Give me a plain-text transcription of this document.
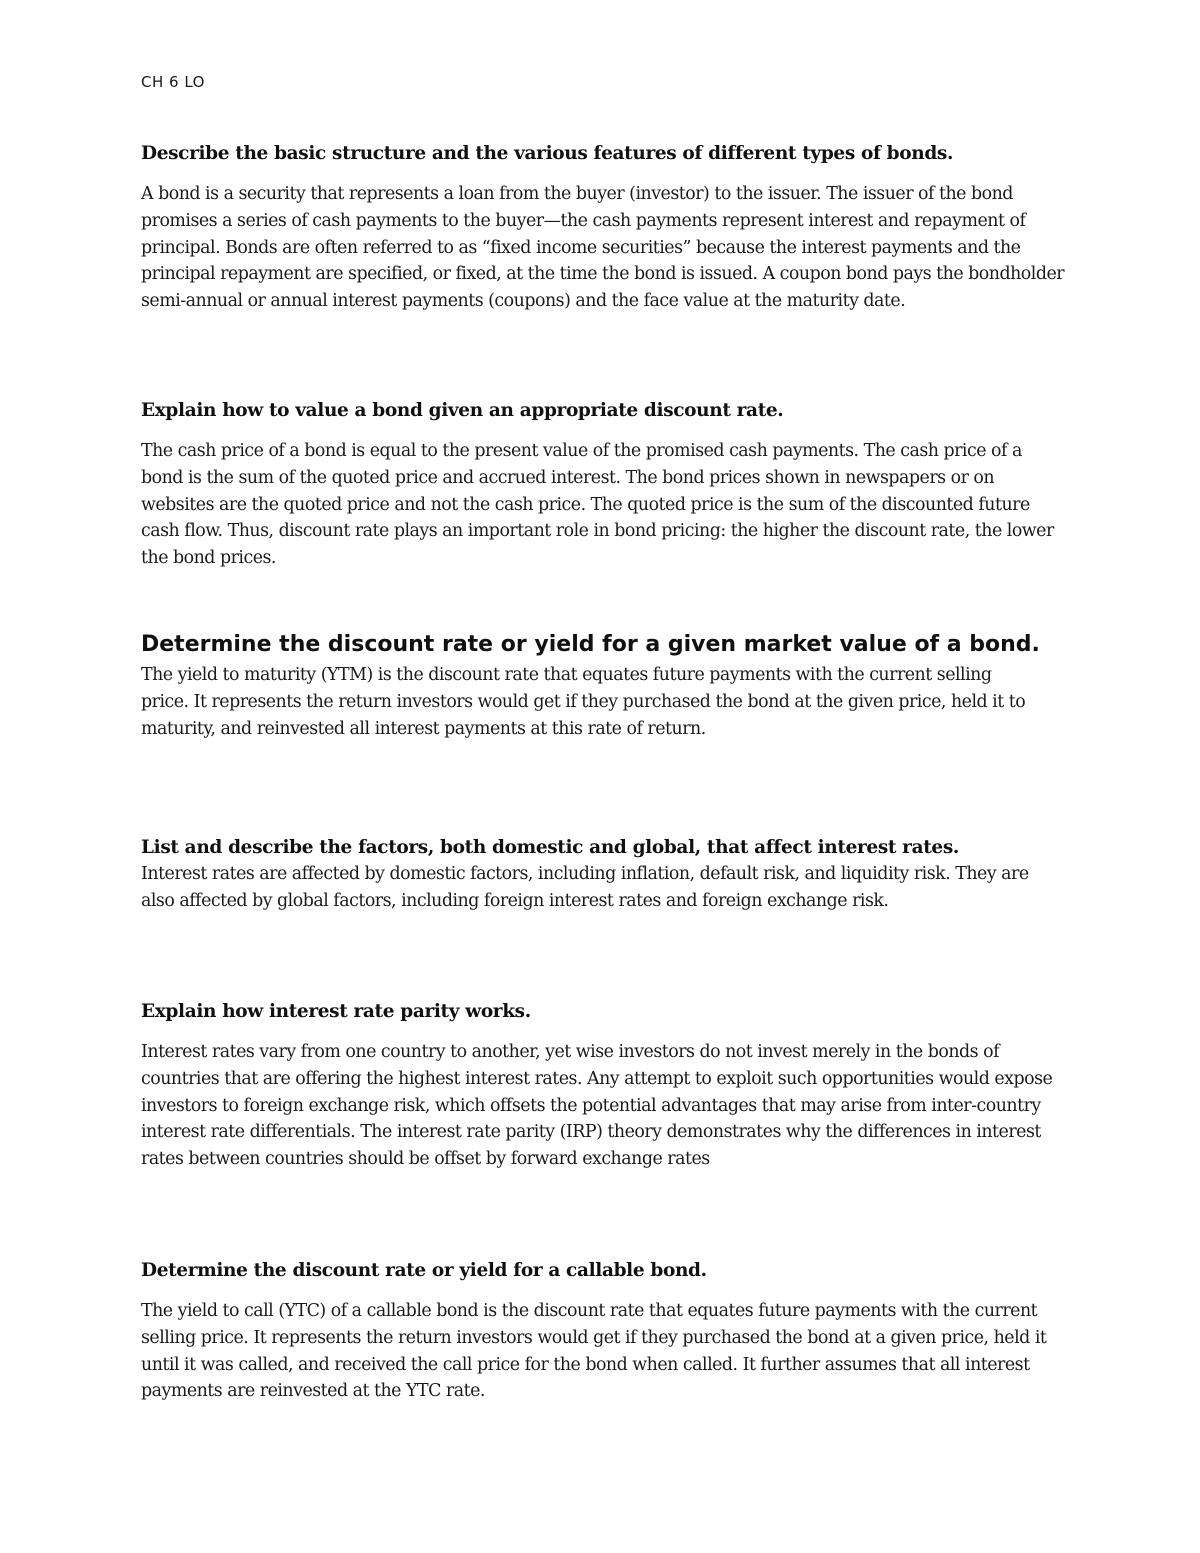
CH 6 LO

Describe the basic structure and the various features of different types of bonds.

A bond is a security that represents a loan from the buyer (investor) to the issuer. The issuer of the bond promises a series of cash payments to the buyer—the cash payments represent interest and repayment of principal. Bonds are often referred to as “fixed income securities” because the interest payments and the principal repayment are specified, or fixed, at the time the bond is issued. A coupon bond pays the bondholder semi-annual or annual interest payments (coupons) and the face value at the maturity date.

Explain how to value a bond given an appropriate discount rate.

The cash price of a bond is equal to the present value of the promised cash payments. The cash price of a bond is the sum of the quoted price and accrued interest. The bond prices shown in newspapers or on websites are the quoted price and not the cash price. The quoted price is the sum of the discounted future cash flow. Thus, discount rate plays an important role in bond pricing: the higher the discount rate, the lower the bond prices.

Determine the discount rate or yield for a given market value of a bond.

The yield to maturity (YTM) is the discount rate that equates future payments with the current selling price. It represents the return investors would get if they purchased the bond at the given price, held it to maturity, and reinvested all interest payments at this rate of return.

List and describe the factors, both domestic and global, that affect interest rates.

Interest rates are affected by domestic factors, including inflation, default risk, and liquidity risk. They are also affected by global factors, including foreign interest rates and foreign exchange risk.

Explain how interest rate parity works.

Interest rates vary from one country to another, yet wise investors do not invest merely in the bonds of countries that are offering the highest interest rates. Any attempt to exploit such opportunities would expose investors to foreign exchange risk, which offsets the potential advantages that may arise from inter-country interest rate differentials. The interest rate parity (IRP) theory demonstrates why the differences in interest rates between countries should be offset by forward exchange rates

Determine the discount rate or yield for a callable bond.

The yield to call (YTC) of a callable bond is the discount rate that equates future payments with the current selling price. It represents the return investors would get if they purchased the bond at a given price, held it until it was called, and received the call price for the bond when called. It further assumes that all interest payments are reinvested at the YTC rate.
